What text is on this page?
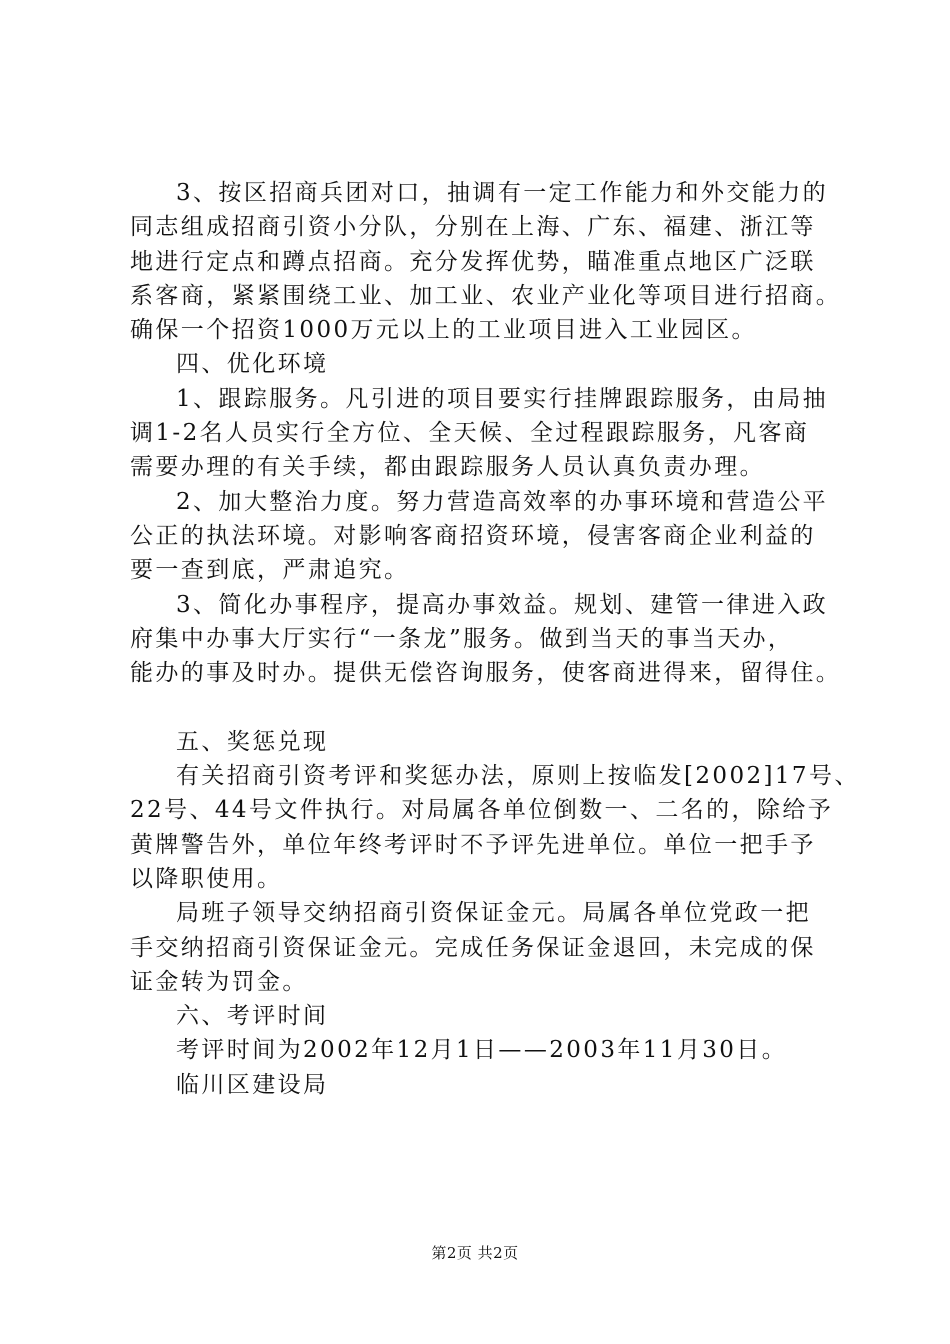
3、按区招商兵团对口，抽调有一定工作能力和外交能力的
同志组成招商引资小分队，分别在上海、广东、福建、浙江等
地进行定点和蹲点招商。充分发挥优势，瞄准重点地区广泛联
系客商，紧紧围绕工业、加工业、农业产业化等项目进行招商。
确保一个招资1000万元以上的工业项目进入工业园区。
四、优化环境
1、跟踪服务。凡引进的项目要实行挂牌跟踪服务，由局抽
调1-2名人员实行全方位、全天候、全过程跟踪服务，凡客商
需要办理的有关手续，都由跟踪服务人员认真负责办理。
2、加大整治力度。努力营造高效率的办事环境和营造公平
公正的执法环境。对影响客商招资环境，侵害客商企业利益的
要一查到底，严肃追究。
3、简化办事程序，提高办事效益。规划、建管一律进入政
府集中办事大厅实行“一条龙”服务。做到当天的事当天办，
能办的事及时办。提供无偿咨询服务，使客商进得来，留得住。
五、奖惩兑现
有关招商引资考评和奖惩办法，原则上按临发[2002]17号、
22号、44号文件执行。对局属各单位倒数一、二名的，除给予
黄牌警告外，单位年终考评时不予评先进单位。单位一把手予
以降职使用。
局班子领导交纳招商引资保证金元。局属各单位党政一把
手交纳招商引资保证金元。完成任务保证金退回，未完成的保
证金转为罚金。
六、考评时间
考评时间为2002年12月1日——2003年11月30日。
临川区建设局
第2页 共2页
